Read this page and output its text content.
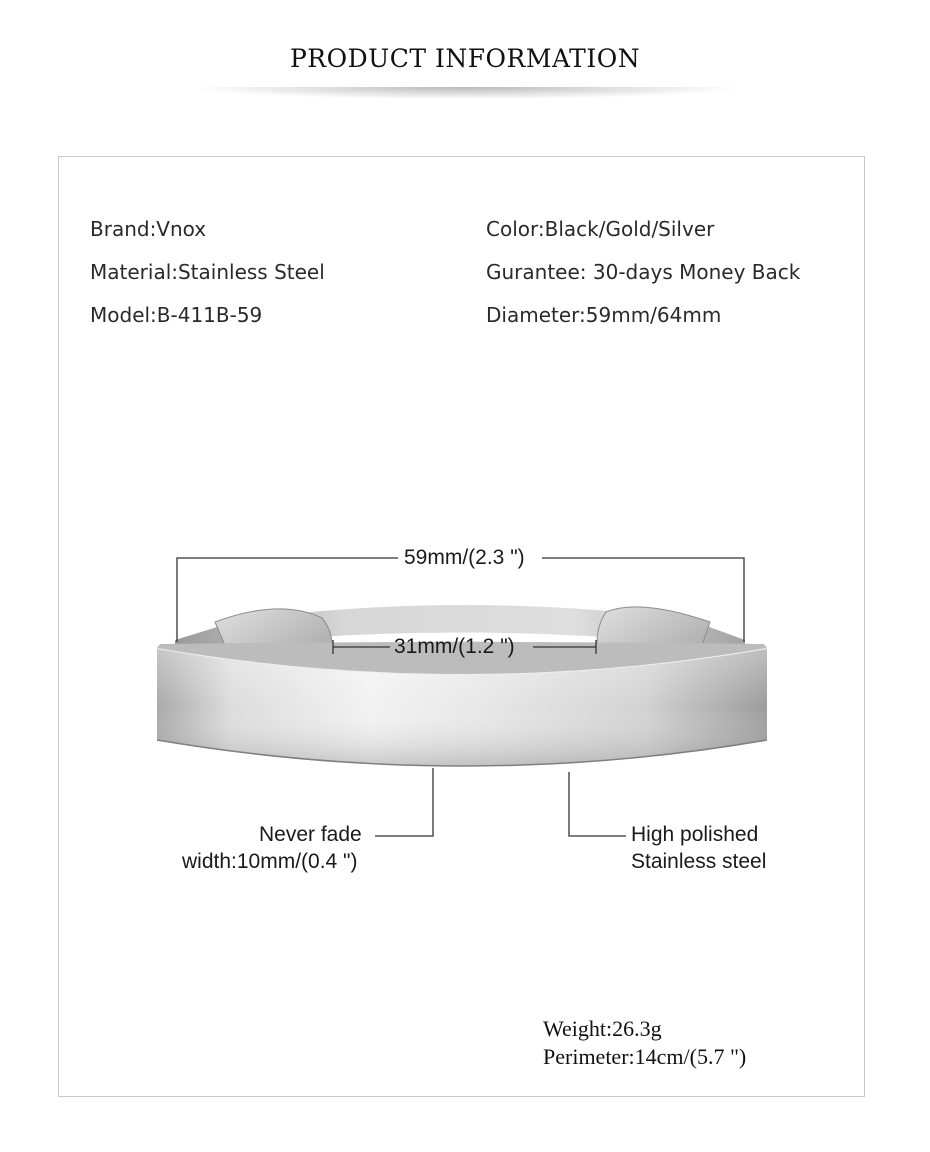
PRODUCT INFORMATION
Brand:Vnox
Material:Stainless Steel
Model:B-411B-59
Color:Black/Gold/Silver
Gurantee: 30-days Money Back
Diameter:59mm/64mm
59mm/(2.3 ")
31mm/(1.2 ")
Never fade
width:10mm/(0.4 ")
High polished
Stainless steel
Weight:26.3g
Perimeter:14cm/(5.7 ")
